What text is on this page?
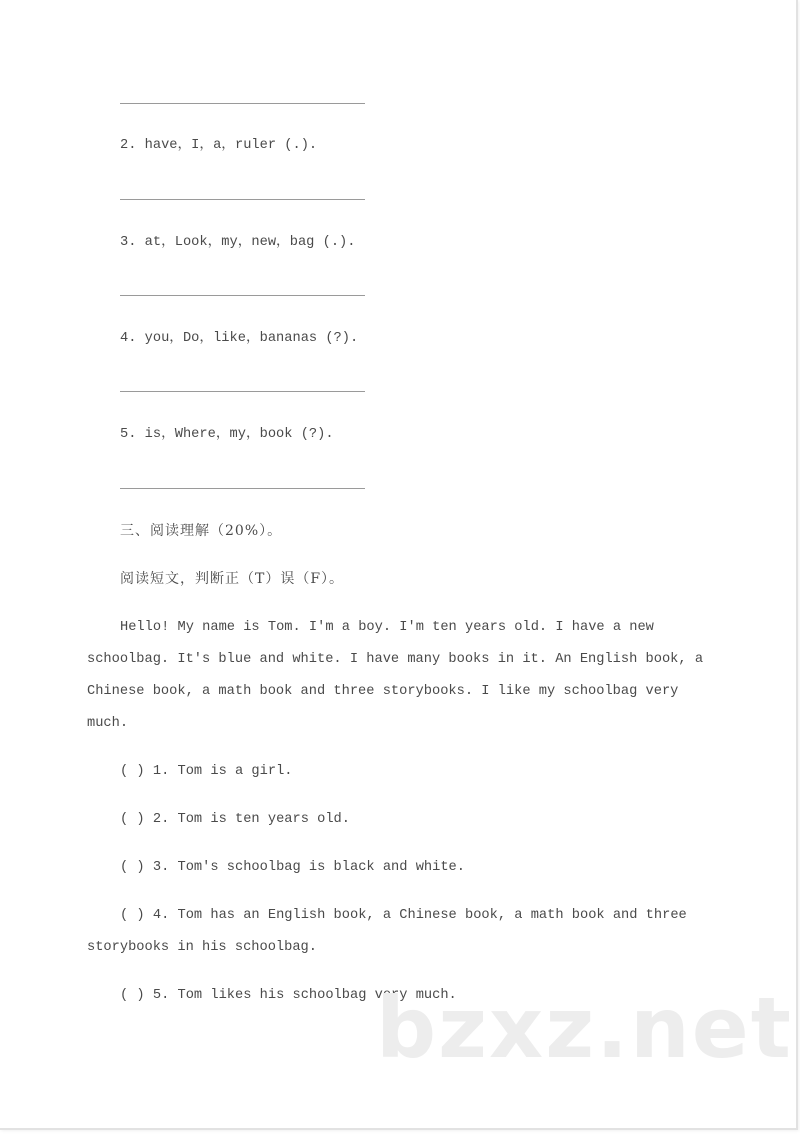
2. have，I，a，ruler (.).
3. at，Look，my，new，bag (.).
4. you，Do，like，bananas (?).
5. is，Where，my，book (?).
三、阅读理解（20%）。
阅读短文，判断正（T）误（F）。
Hello! My name is Tom. I'm a boy. I'm ten years old. I have a new
schoolbag. It's blue and white. I have many books in it. An English book, a
Chinese book, a math book and three storybooks. I like my schoolbag very
much.
( ) 1. Tom is a girl.
( ) 2. Tom is ten years old.
( ) 3. Tom's schoolbag is black and white.
( ) 4. Tom has an English book, a Chinese book, a math book and three
storybooks in his schoolbag.
( ) 5. Tom likes his schoolbag very much.
bzxz.net
